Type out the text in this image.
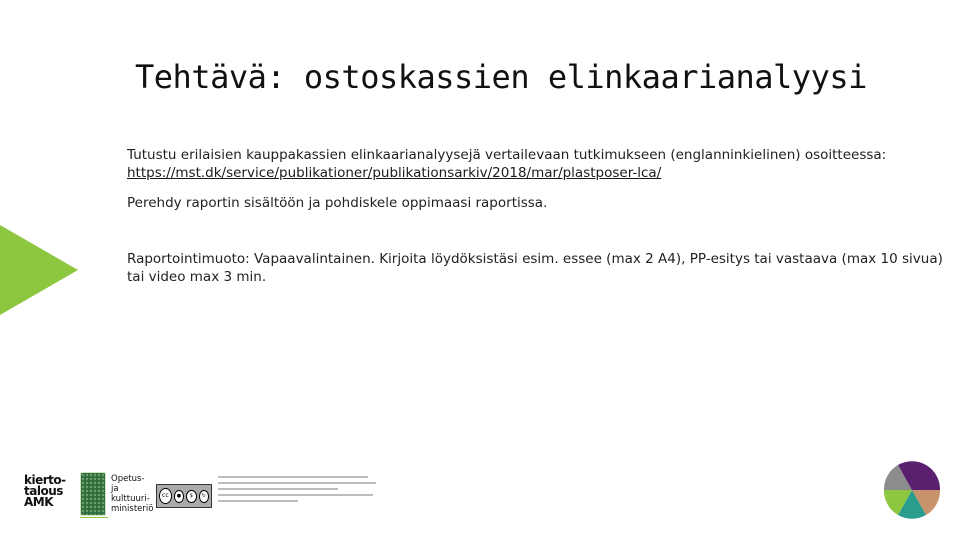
Tehtävä: ostoskassien elinkaarianalyysi

Tutustu erilaisien kauppakassien elinkaarianalyysejä vertailevaan tutkimukseen (englanninkielinen) osoitteessa:
https://mst.dk/service/publikationer/publikationsarkiv/2018/mar/plastposer-lca/

Perehdy raportin sisältöön ja pohdiskele oppimaasi raportissa.

Raportointimuoto: Vapaavalintainen. Kirjoita löydöksistäsi esim. essee (max 2 A4), PP-esitys tai vastaava (max 10 sivua) tai video max 3 min.

kierto-
talous
AMK

Opetus- ja
kulttuuri-
ministeriö
cc	●	$	↻
